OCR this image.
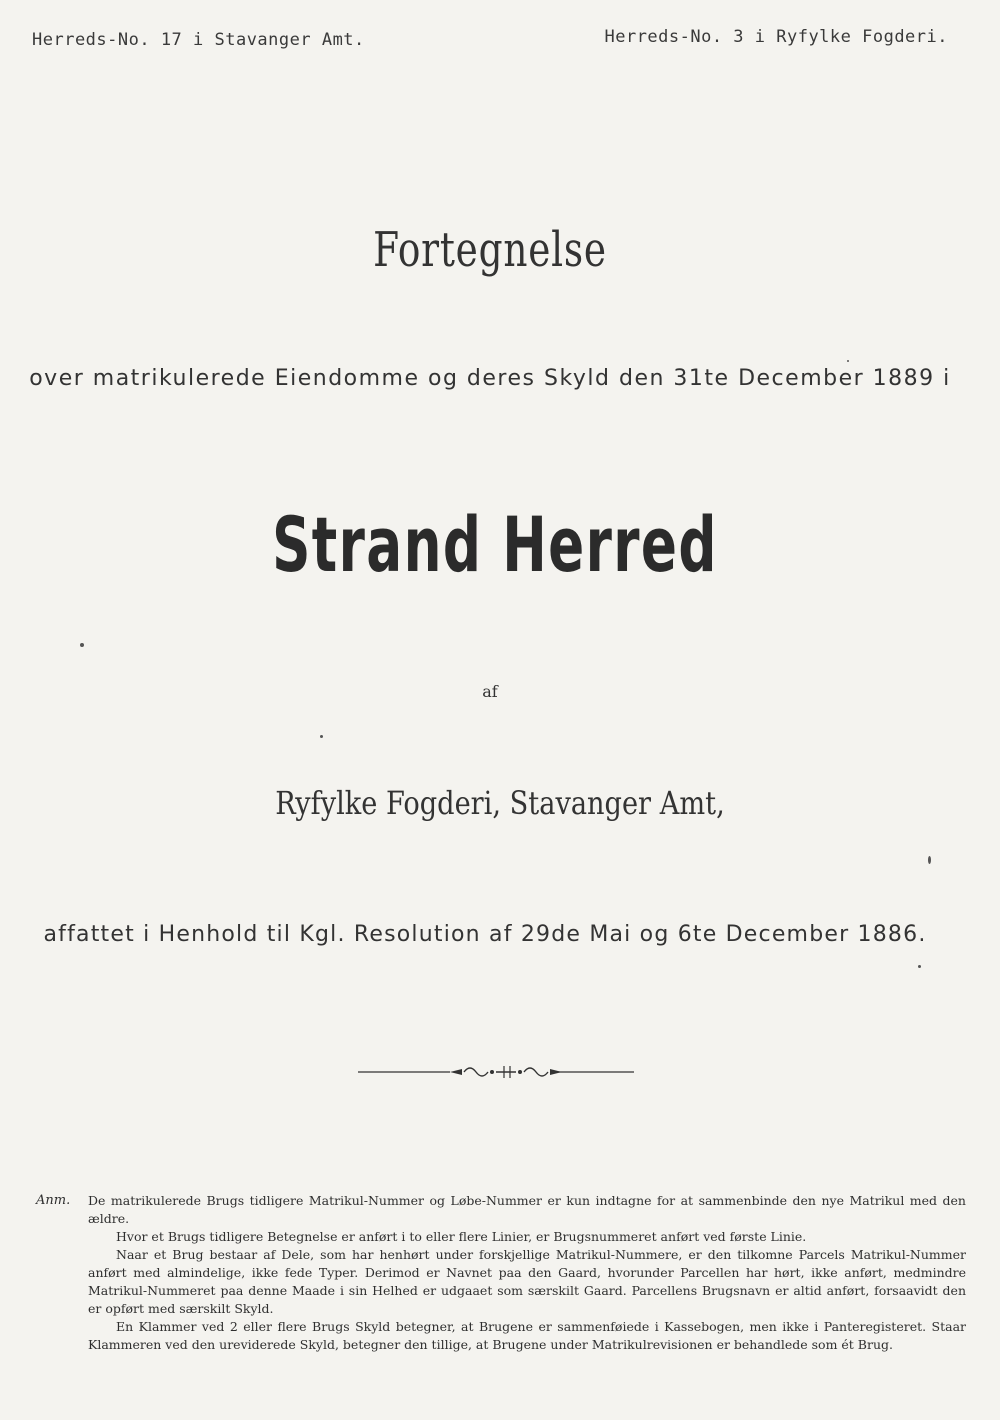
Herreds-No. 17 i Stavanger Amt.	Herreds-No. 3 i Ryfylke Fogderi.
Fortegnelse
over matrikulerede Eiendomme og deres Skyld den 31te December 1889 i
Strand Herred
af
Ryfylke Fogderi, Stavanger Amt,
affattet i Henhold til Kgl. Resolution af 29de Mai og 6te December 1886.
Anm.	De matrikulerede Brugs tidligere Matrikul-Nummer og Løbe-Nummer er kun indtagne for at sammenbinde den nye Matrikul med den ældre.

Hvor et Brugs tidligere Betegnelse er anført i to eller flere Linier, er Brugsnummeret anført ved første Linie.

Naar et Brug bestaar af Dele, som har henhørt under forskjellige Matrikul-Nummere, er den tilkomne Parcels Matrikul-Nummer anført med almindelige, ikke fede Typer. Derimod er Navnet paa den Gaard, hvorunder Parcellen har hørt, ikke anført, medmindre Matrikul-Nummeret paa denne Maade i sin Helhed er udgaaet som særskilt Gaard. Parcellens Brugsnavn er altid anført, forsaavidt den er opført med særskilt Skyld.

En Klammer ved 2 eller flere Brugs Skyld betegner, at Brugene er sammenføiede i Kassebogen, men ikke i Panteregisteret. Staar Klammeren ved den ureviderede Skyld, betegner den tillige, at Brugene under Matrikulrevisionen er behandlede som ét Brug.
